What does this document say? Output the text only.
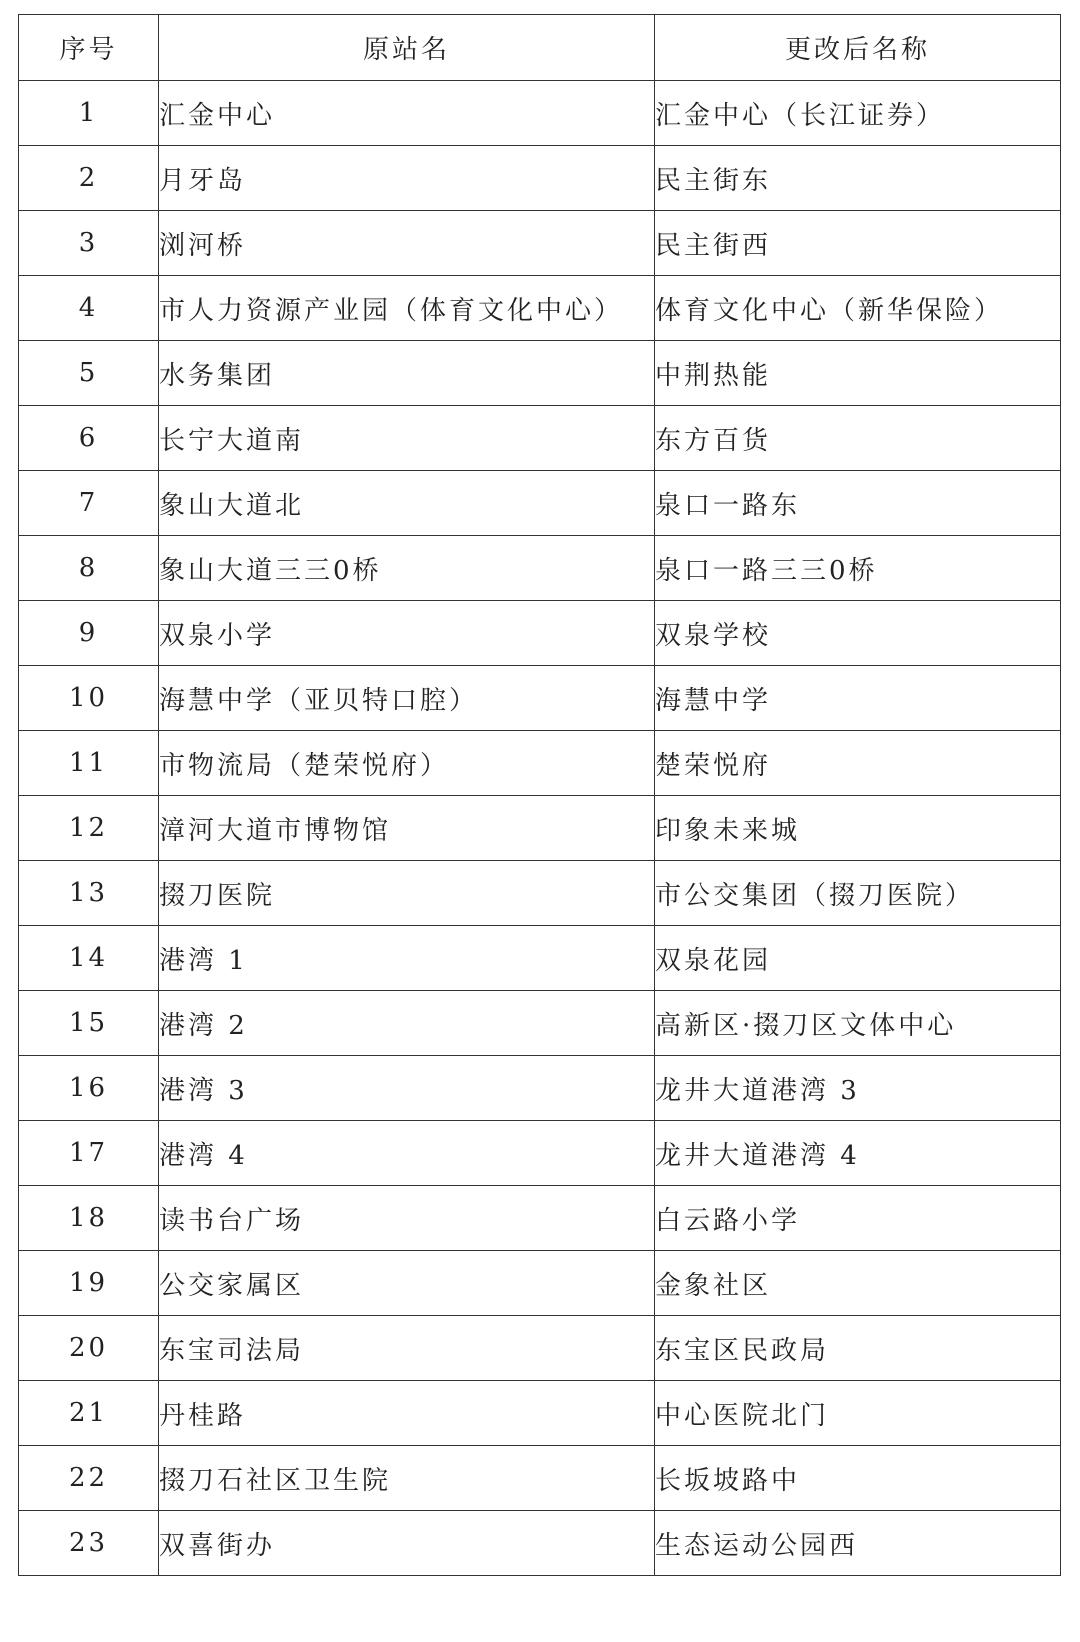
序号	原站名	更改后名称
1	汇金中心	汇金中心（长江证券）
2	月牙岛	民主街东
3	浏河桥	民主街西
4	市人力资源产业园（体育文化中心）	体育文化中心（新华保险）
5	水务集团	中荆热能
6	长宁大道南	东方百货
7	象山大道北	泉口一路东
8	象山大道三三0桥	泉口一路三三0桥
9	双泉小学	双泉学校
10	海慧中学（亚贝特口腔）	海慧中学
11	市物流局（楚荣悦府）	楚荣悦府
12	漳河大道市博物馆	印象未来城
13	掇刀医院	市公交集团（掇刀医院）
14	港湾 1	双泉花园
15	港湾 2	高新区·掇刀区文体中心
16	港湾 3	龙井大道港湾 3
17	港湾 4	龙井大道港湾 4
18	读书台广场	白云路小学
19	公交家属区	金象社区
20	东宝司法局	东宝区民政局
21	丹桂路	中心医院北门
22	掇刀石社区卫生院	长坂坡路中
23	双喜街办	生态运动公园西
